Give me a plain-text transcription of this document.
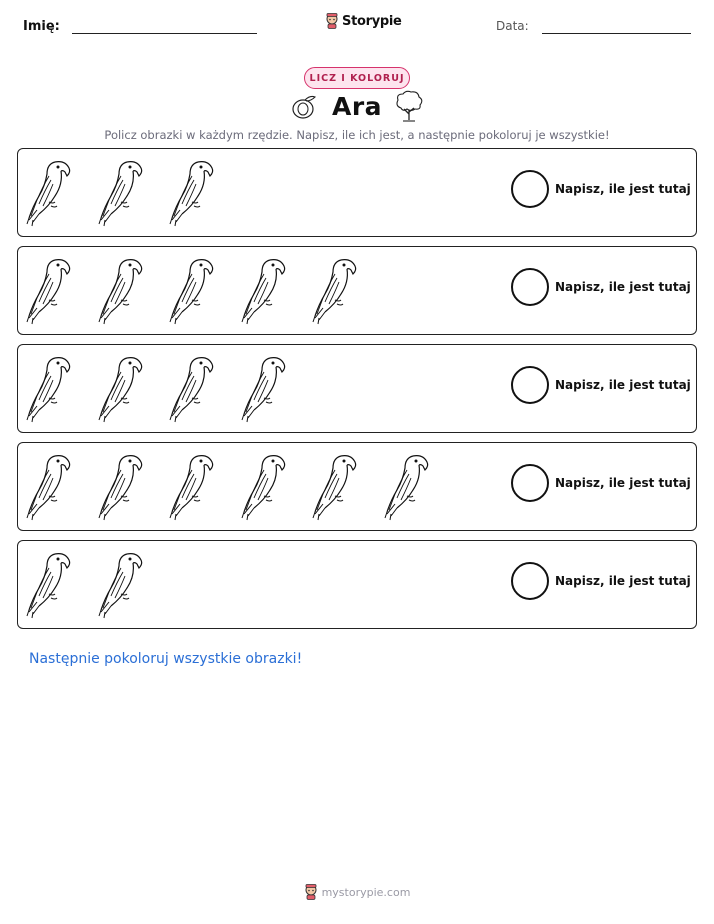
Imię:	Storypie	Data:
LICZ I KOLORUJ
Ara
Policz obrazki w każdym rzędzie. Napisz, ile ich jest, a następnie pokoloruj je wszystkie!
Napisz, ile jest tutaj
Napisz, ile jest tutaj
Napisz, ile jest tutaj
Napisz, ile jest tutaj
Napisz, ile jest tutaj
Następnie pokoloruj wszystkie obrazki!
mystorypie.com
